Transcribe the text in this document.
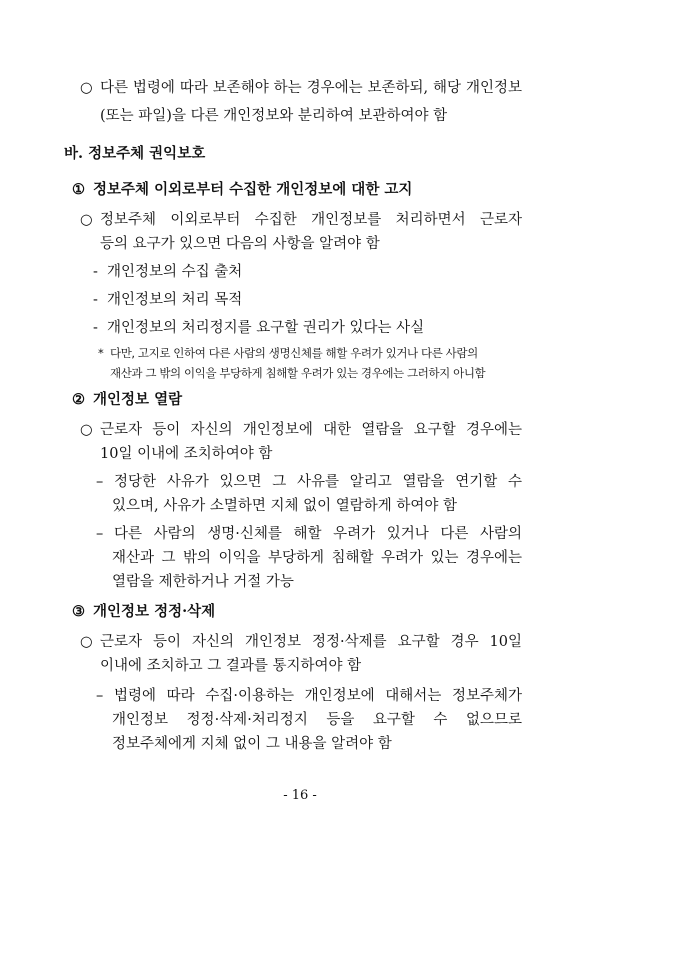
○ 다른 법령에 따라 보존해야 하는 경우에는 보존하되, 해당 개인정보
(또는 파일)을 다른 개인정보와 분리하여 보관하여야 함
바. 정보주체 권익보호
① 정보주체 이외로부터 수집한 개인정보에 대한 고지
○ 정보주체 이외로부터 수집한 개인정보를 처리하면서 근로자
등의 요구가 있으면 다음의 사항을 알려야 함
- 개인정보의 수집 출처
- 개인정보의 처리 목적
- 개인정보의 처리정지를 요구할 권리가 있다는 사실
* 다만, 고지로 인하여 다른 사람의 생명신체를 해할 우려가 있거나 다른 사람의
재산과 그 밖의 이익을 부당하게 침해할 우려가 있는 경우에는 그러하지 아니함
② 개인정보 열람
○ 근로자 등이 자신의 개인정보에 대한 열람을 요구할 경우에는
10일 이내에 조치하여야 함
– 정당한 사유가 있으면 그 사유를 알리고 열람을 연기할 수
있으며, 사유가 소멸하면 지체 없이 열람하게 하여야 함
– 다른 사람의 생명·신체를 해할 우려가 있거나 다른 사람의
재산과 그 밖의 이익을 부당하게 침해할 우려가 있는 경우에는
열람을 제한하거나 거절 가능
③ 개인정보 정정·삭제
○ 근로자 등이 자신의 개인정보 정정·삭제를 요구할 경우 10일
이내에 조치하고 그 결과를 통지하여야 함
– 법령에 따라 수집·이용하는 개인정보에 대해서는 정보주체가
개인정보 정정·삭제·처리정지 등을 요구할 수 없으므로
정보주체에게 지체 없이 그 내용을 알려야 함
- 16 -
